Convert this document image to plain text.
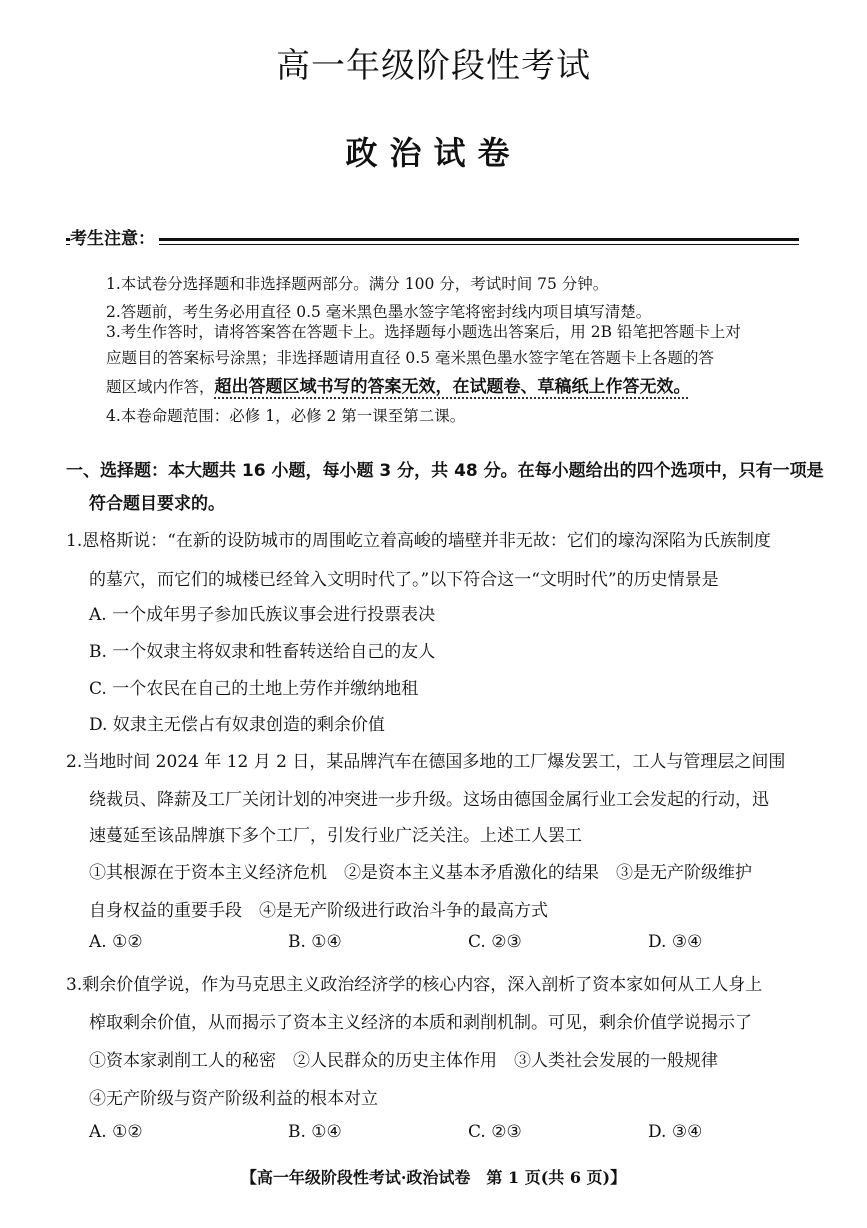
高一年级阶段性考试
政治试卷
考生注意：
1.本试卷分选择题和非选择题两部分。满分 100 分，考试时间 75 分钟。
2.答题前，考生务必用直径 0.5 毫米黑色墨水签字笔将密封线内项目填写清楚。
3.考生作答时，请将答案答在答题卡上。选择题每小题选出答案后，用 2B 铅笔把答题卡上对
应题目的答案标号涂黑；非选择题请用直径 0.5 毫米黑色墨水签字笔在答题卡上各题的答
题区域内作答，超出答题区域书写的答案无效，在试题卷、草稿纸上作答无效。
4.本卷命题范围：必修 1，必修 2 第一课至第二课。
一、选择题：本大题共 16 小题，每小题 3 分，共 48 分。在每小题给出的四个选项中，只有一项是
符合题目要求的。
1.恩格斯说：“在新的设防城市的周围屹立着高峻的墙壁并非无故：它们的壕沟深陷为氏族制度
的墓穴，而它们的城楼已经耸入文明时代了。”以下符合这一“文明时代”的历史情景是
A. 一个成年男子参加氏族议事会进行投票表决
B. 一个奴隶主将奴隶和牲畜转送给自己的友人
C. 一个农民在自己的土地上劳作并缴纳地租
D. 奴隶主无偿占有奴隶创造的剩余价值
2.当地时间 2024 年 12 月 2 日，某品牌汽车在德国多地的工厂爆发罢工，工人与管理层之间围
绕裁员、降薪及工厂关闭计划的冲突进一步升级。这场由德国金属行业工会发起的行动，迅
速蔓延至该品牌旗下多个工厂，引发行业广泛关注。上述工人罢工
①其根源在于资本主义经济危机　②是资本主义基本矛盾激化的结果　③是无产阶级维护
自身权益的重要手段　④是无产阶级进行政治斗争的最高方式
A. ①②	B. ①④	C. ②③	D. ③④
3.剩余价值学说，作为马克思主义政治经济学的核心内容，深入剖析了资本家如何从工人身上
榨取剩余价值，从而揭示了资本主义经济的本质和剥削机制。可见，剩余价值学说揭示了
①资本家剥削工人的秘密　②人民群众的历史主体作用　③人类社会发展的一般规律
④无产阶级与资产阶级利益的根本对立
A. ①②	B. ①④	C. ②③	D. ③④
【高一年级阶段性考试·政治试卷　第 1 页(共 6 页)】
